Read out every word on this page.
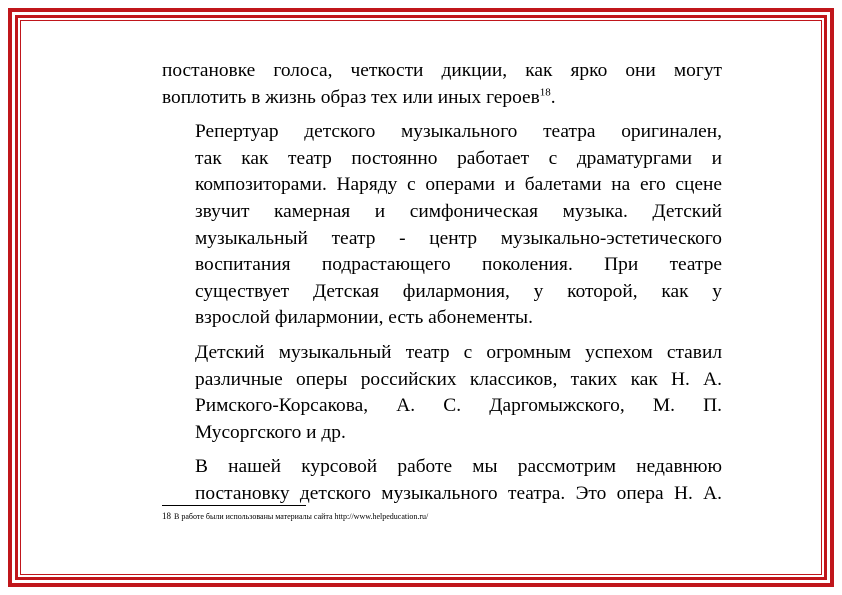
постановке голоса, четкости дикции, как ярко они могут
воплотить в жизнь образ тех или иных героев$^{18}$.

Репертуар детского музыкального театра оригинален,
так как театр постоянно работает с драматургами и
композиторами. Наряду с операми и балетами на его сцене
звучит камерная и симфоническая музыка. Детский
музыкальный театр - центр музыкально-эстетического
воспитания подрастающего поколения. При театре
существует Детская филармония, у которой, как у
взрослой филармонии, есть абонементы.

Детский музыкальный театр с огромным успехом ставил
различные оперы российских классиков, таких как Н. А.
Римского-Корсакова, А. С. Даргомыжского, М. П.
Мусоргского и др.

В нашей курсовой работе мы рассмотрим недавнюю
постановку детского музыкального театра. Это опера Н. А.

18 В работе были использованы материалы сайта http://www.helpeducation.ru/
